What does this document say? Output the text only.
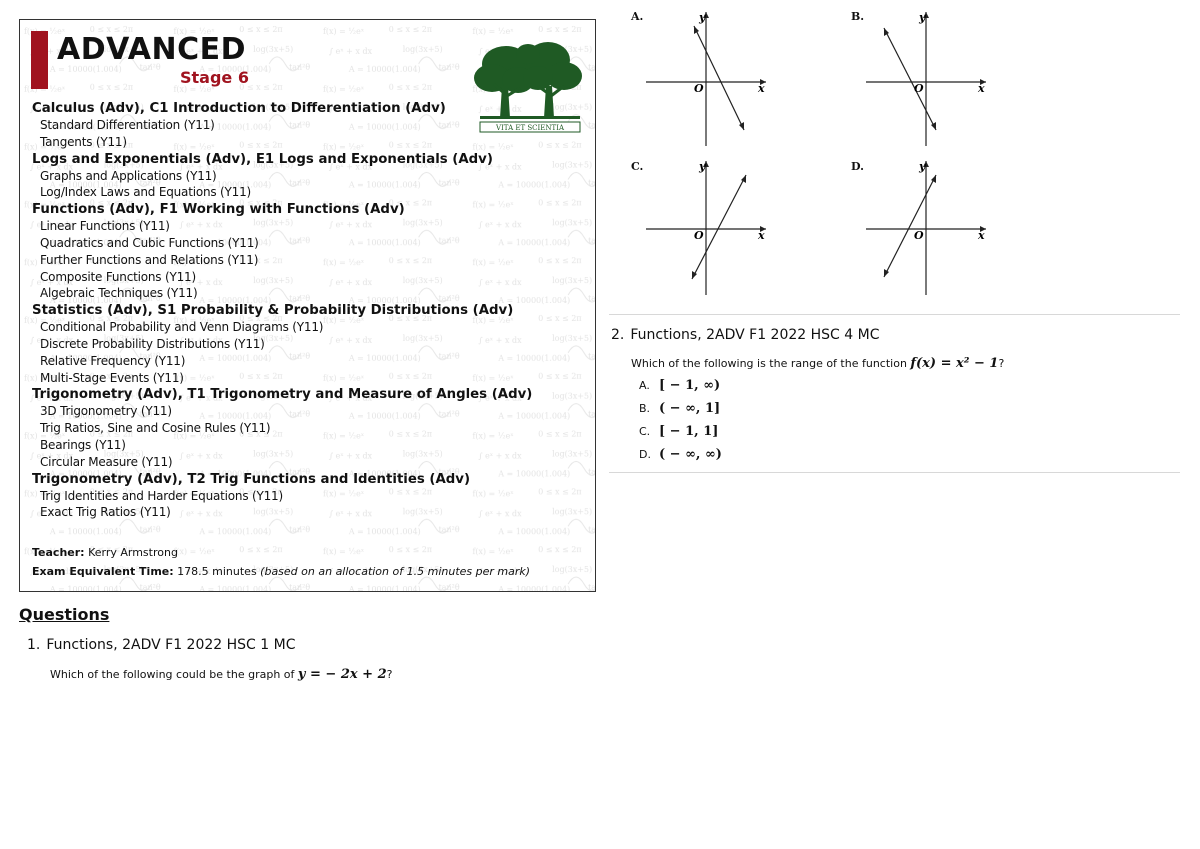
ADVANCED
Stage 6
VITA ET SCIENTIA
Calculus (Adv), C1 Introduction to Differentiation (Adv)
Standard Differentiation (Y11)
Tangents (Y11)
Logs and Exponentials (Adv), E1 Logs and Exponentials (Adv)
Graphs and Applications (Y11)
Log/Index Laws and Equations (Y11)
Functions (Adv), F1 Working with Functions (Adv)
Linear Functions (Y11)
Quadratics and Cubic Functions (Y11)
Further Functions and Relations (Y11)
Composite Functions (Y11)
Algebraic Techniques (Y11)
Statistics (Adv), S1 Probability & Probability Distributions (Adv)
Conditional Probability and Venn Diagrams (Y11)
Discrete Probability Distributions (Y11)
Relative Frequency (Y11)
Multi-Stage Events (Y11)
Trigonometry (Adv), T1 Trigonometry and Measure of Angles (Adv)
3D Trigonometry (Y11)
Trig Ratios, Sine and Cosine Rules (Y11)
Bearings (Y11)
Circular Measure (Y11)
Trigonometry (Adv), T2 Trig Functions and Identities (Adv)
Trig Identities and Harder Equations (Y11)
Exact Trig Ratios (Y11)
Teacher: Kerry Armstrong
Exam Equivalent Time: 178.5 minutes (based on an allocation of 1.5 minutes per mark)
Questions
1. Functions, 2ADV F1 2022 HSC 1 MC
Which of the following could be the graph of y = − 2x + 2?
A.	y
x
O
B.	y
x
O
C.	y
x
O
D.	y
x
O
2. Functions, 2ADV F1 2022 HSC 4 MC
Which of the following is the range of the function f(x) = x² − 1?
A. [ − 1, ∞)
B. ( − ∞, 1]
C. [ − 1, 1]
D. ( − ∞, ∞)
